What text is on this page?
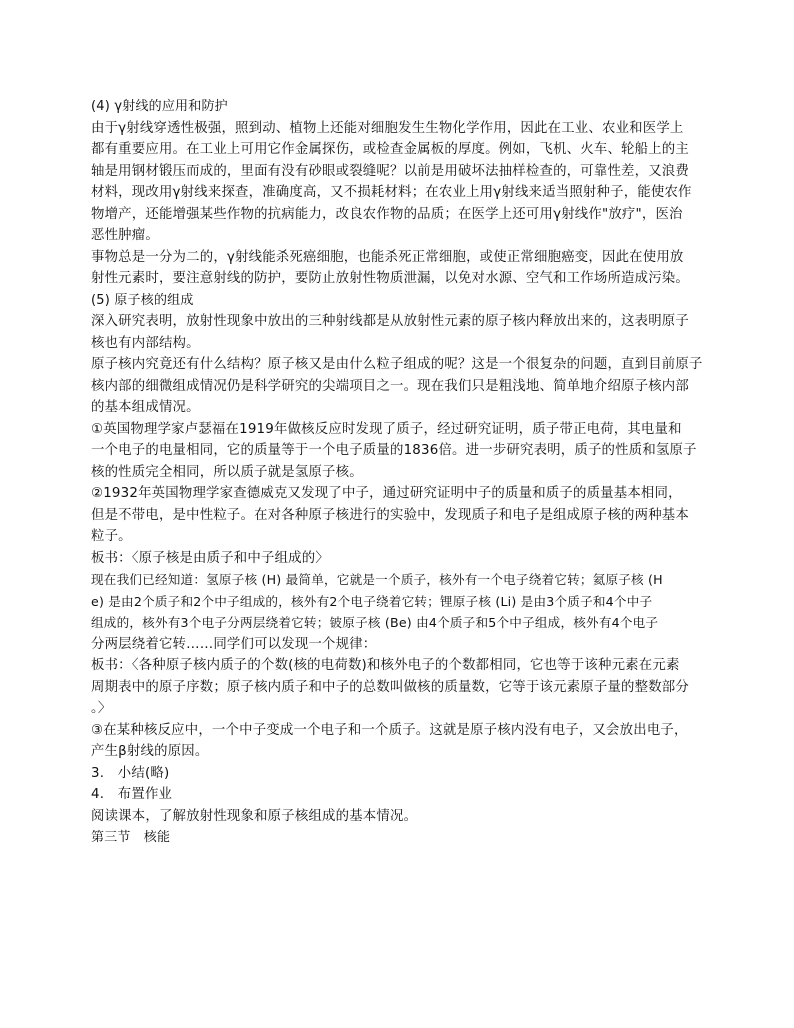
(4) γ射线的应用和防护
由于γ射线穿透性极强，照到动、植物上还能对细胞发生生物化学作用，因此在工业、农业和医学上
都有重要应用。在工业上可用它作金属探伤，或检查金属板的厚度。例如，飞机、火车、轮船上的主
轴是用钢材锻压而成的，里面有没有砂眼或裂缝呢？以前是用破坏法抽样检查的，可靠性差，又浪费
材料，现改用γ射线来探查，准确度高，又不损耗材料；在农业上用γ射线来适当照射种子，能使农作
物增产，还能增强某些作物的抗病能力，改良农作物的品质；在医学上还可用γ射线作"放疗"，医治
恶性肿瘤。
事物总是一分为二的，γ射线能杀死癌细胞，也能杀死正常细胞，或使正常细胞癌变，因此在使用放
射性元素时，要注意射线的防护，要防止放射性物质泄漏，以免对水源、空气和工作场所造成污染。
(5) 原子核的组成
深入研究表明，放射性现象中放出的三种射线都是从放射性元素的原子核内释放出来的，这表明原子
核也有内部结构。
原子核内究竟还有什么结构？原子核又是由什么粒子组成的呢？这是一个很复杂的问题，直到目前原子
核内部的细微组成情况仍是科学研究的尖端项目之一。现在我们只是粗浅地、简单地介绍原子核内部
的基本组成情况。
①英国物理学家卢瑟福在1919年做核反应时发现了质子，经过研究证明，质子带正电荷，其电量和
一个电子的电量相同，它的质量等于一个电子质量的1836倍。进一步研究表明，质子的性质和氢原子
核的性质完全相同，所以质子就是氢原子核。
②1932年英国物理学家查德威克又发现了中子，通过研究证明中子的质量和质子的质量基本相同，
但是不带电，是中性粒子。在对各种原子核进行的实验中，发现质子和电子是组成原子核的两种基本
粒子。
板书：〈原子核是由质子和中子组成的〉
现在我们已经知道：氢原子核 (H) 最简单，它就是一个质子，核外有一个电子绕着它转；氦原子核 (H
e) 是由2个质子和2个中子组成的，核外有2个电子绕着它转；锂原子核 (Li) 是由3个质子和4个中子
组成的，核外有3个电子分两层绕着它转；铍原子核 (Be) 由4个质子和5个中子组成，核外有4个电子
分两层绕着它转……同学们可以发现一个规律：
板书：〈各种原子核内质子的个数(核的电荷数)和核外电子的个数都相同，它也等于该种元素在元素
周期表中的原子序数；原子核内质子和中子的总数叫做核的质量数，它等于该元素原子量的整数部分
。〉
③在某种核反应中，一个中子变成一个电子和一个质子。这就是原子核内没有电子，又会放出电子，
产生β射线的原因。
3.　小结(略)
4.　布置作业
阅读课本，了解放射性现象和原子核组成的基本情况。
第三节　核能
